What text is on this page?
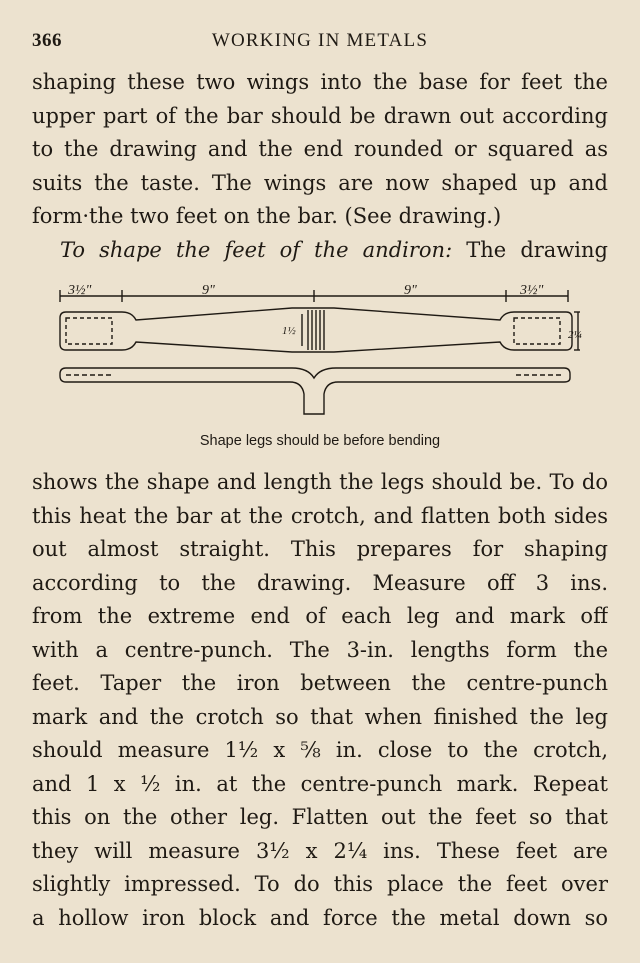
366	WORKING IN METALS
shaping these two wings into the base for feet the
upper part of the bar should be drawn out according
to the drawing and the end rounded or squared as
suits the taste. The wings are now shaped up and
form·the two feet on the bar. (See drawing.)
To shape the feet of the andiron: The drawing
3½"	9"	9"	3½"
1½	2¼
Shape legs should be before bending
shows the shape and length the legs should be. To do
this heat the bar at the crotch, and flatten both sides
out almost straight. This prepares for shaping
according to the drawing. Measure off 3 ins.
from the extreme end of each leg and mark off
with a centre-punch. The 3-in. lengths form the
feet. Taper the iron between the centre-punch
mark and the crotch so that when finished the leg
should measure 1½ x ⅝ in. close to the crotch,
and 1 x ½ in. at the centre-punch mark. Repeat
this on the other leg. Flatten out the feet so that
they will measure 3½ x 2¼ ins. These feet are
slightly impressed. To do this place the feet over
a hollow iron block and force the metal down so
